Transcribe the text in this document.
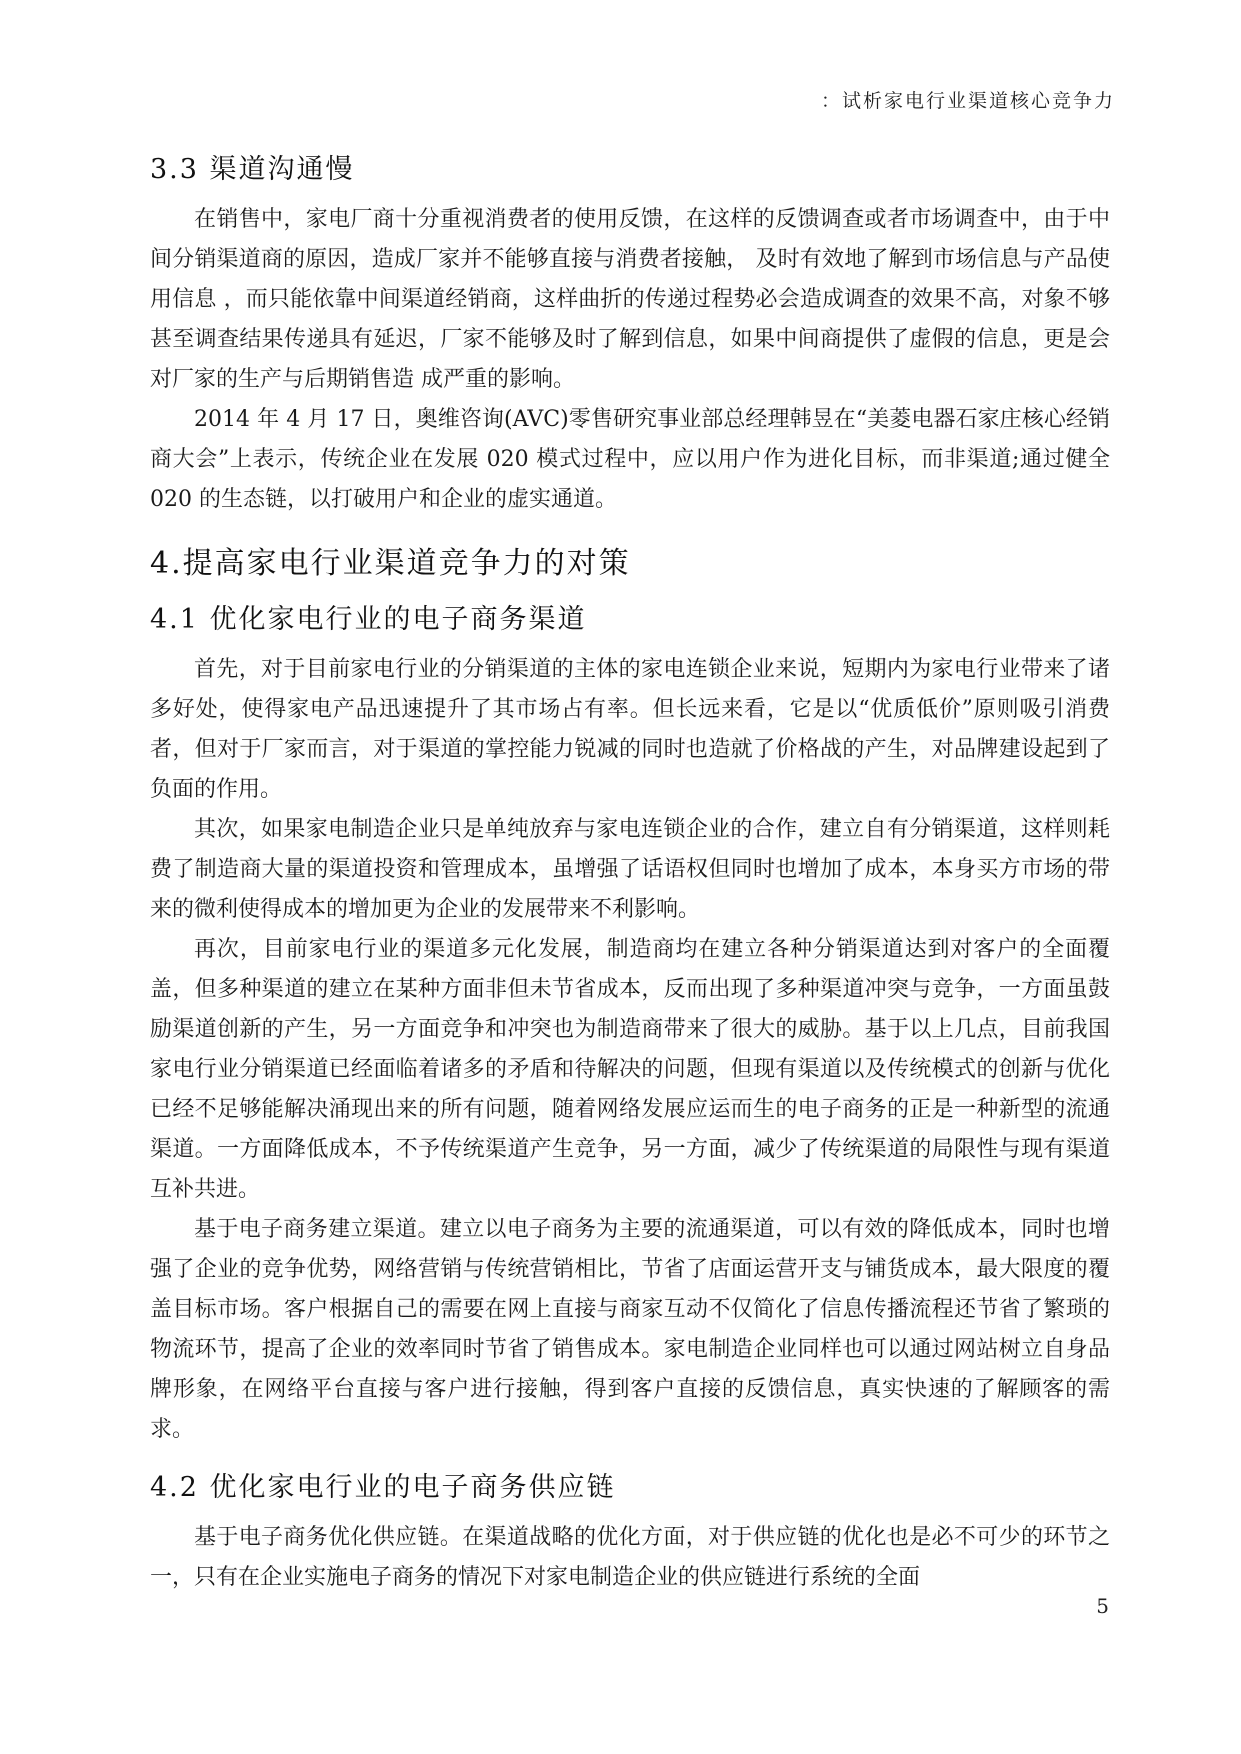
：试析家电行业渠道核心竞争力
3.3 渠道沟通慢

在销售中，家电厂商十分重视消费者的使用反馈，在这样的反馈调查或者市场调查中，由于中间分销渠道商的原因，造成厂家并不能够直接与消费者接触， 及时有效地了解到市场信息与产品使用信息 ，而只能依靠中间渠道经销商，这样曲折的传递过程势必会造成调查的效果不高，对象不够甚至调查结果传递具有延迟，厂家不能够及时了解到信息，如果中间商提供了虚假的信息，更是会对厂家的生产与后期销售造 成严重的影响。

2014 年 4 月 17 日，奥维咨询(AVC)零售研究事业部总经理韩昱在“美菱电器石家庄核心经销商大会”上表示，传统企业在发展 020 模式过程中，应以用户作为进化目标，而非渠道;通过健全 020 的生态链，以打破用户和企业的虚实通道。

4.提高家电行业渠道竞争力的对策
4.1 优化家电行业的电子商务渠道

首先，对于目前家电行业的分销渠道的主体的家电连锁企业来说，短期内为家电行业带来了诸多好处，使得家电产品迅速提升了其市场占有率。但长远来看，它是以“优质低价”原则吸引消费者，但对于厂家而言，对于渠道的掌控能力锐减的同时也造就了价格战的产生，对品牌建设起到了负面的作用。

其次，如果家电制造企业只是单纯放弃与家电连锁企业的合作，建立自有分销渠道，这样则耗费了制造商大量的渠道投资和管理成本，虽增强了话语权但同时也增加了成本，本身买方市场的带来的微利使得成本的增加更为企业的发展带来不利影响。

再次，目前家电行业的渠道多元化发展，制造商均在建立各种分销渠道达到对客户的全面覆盖，但多种渠道的建立在某种方面非但未节省成本，反而出现了多种渠道冲突与竞争，一方面虽鼓励渠道创新的产生，另一方面竞争和冲突也为制造商带来了很大的威胁。基于以上几点，目前我国家电行业分销渠道已经面临着诸多的矛盾和待解决的问题，但现有渠道以及传统模式的创新与优化已经不足够能解决涌现出来的所有问题，随着网络发展应运而生的电子商务的正是一种新型的流通渠道。一方面降低成本，不予传统渠道产生竞争，另一方面，减少了传统渠道的局限性与现有渠道互补共进。

基于电子商务建立渠道。建立以电子商务为主要的流通渠道，可以有效的降低成本，同时也增强了企业的竞争优势，网络营销与传统营销相比，节省了店面运营开支与铺货成本，最大限度的覆盖目标市场。客户根据自己的需要在网上直接与商家互动不仅简化了信息传播流程还节省了繁琐的物流环节，提高了企业的效率同时节省了销售成本。家电制造企业同样也可以通过网站树立自身品牌形象，在网络平台直接与客户进行接触，得到客户直接的反馈信息，真实快速的了解顾客的需求。

4.2 优化家电行业的电子商务供应链

基于电子商务优化供应链。在渠道战略的优化方面，对于供应链的优化也是必不可少的环节之一，只有在企业实施电子商务的情况下对家电制造企业的供应链进行系统的全面

5
